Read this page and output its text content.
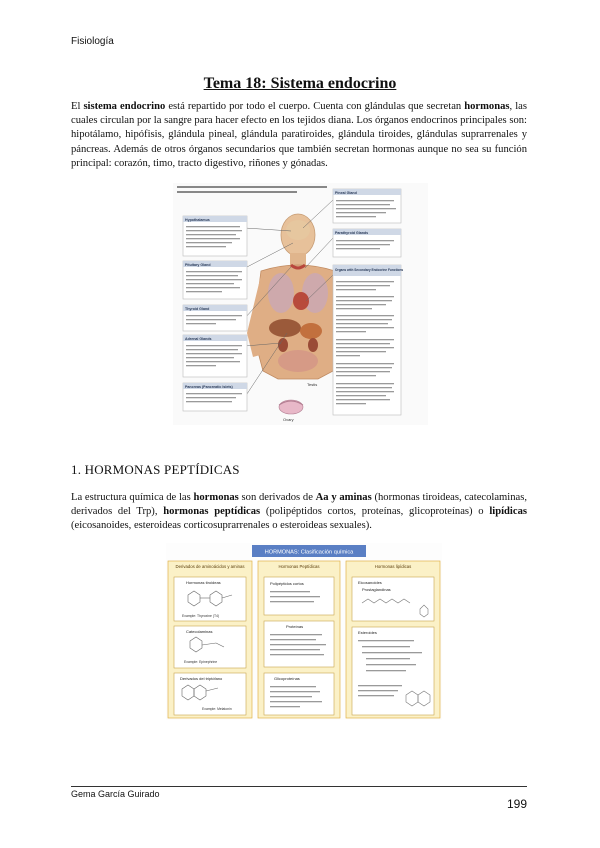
Fisiología
Tema 18: Sistema endocrino
El sistema endocrino está repartido por todo el cuerpo. Cuenta con glándulas que secretan hormonas, las cuales circulan por la sangre para hacer efecto en los tejidos diana. Los órganos endocrinos principales son: hipotálamo, hipófisis, glándula pineal, glándula paratiroides, glándula tiroides, glándulas suprarrenales y páncreas. Además de otros órganos secundarios que también secretan hormonas aunque no sea su función principal: corazón, timo, tracto digestivo, riñones y gónadas.
Hypothalamus
Pituitary Gland
Thyroid Gland
Adrenal Glands
Pancreas (Pancreatic Islets)
Pineal Gland
Parathyroid Glands
Organs with Secondary Endocrine Functions
Testis
Ovary
1. HORMONAS PEPTÍDICAS
La estructura química de las hormonas son derivados de Aa y aminas (hormonas tiroideas, catecolaminas, derivados del Trp), hormonas peptídicas (polipéptidos cortos, proteínas, glicoproteínas) o lipídicas (eicosanoides, esteroideas corticosuprarrenales o esteroideas sexuales).
HORMONAS: Clasificación química
Derivados de aminoácidos y aminas	Hormonas Peptídicas	Hormonas lipídicas
Hormonas tiroideas
Catecolaminas
Derivados del triptófano
Example: Thyroxine (T4)
Example: Epinephrine
Example: Melatonin
Polipéptidos cortos
Proteínas
Glicoproteínas
Eicosanoides
Prostaglandinas
Esteroides
Gema García Guirado
199
